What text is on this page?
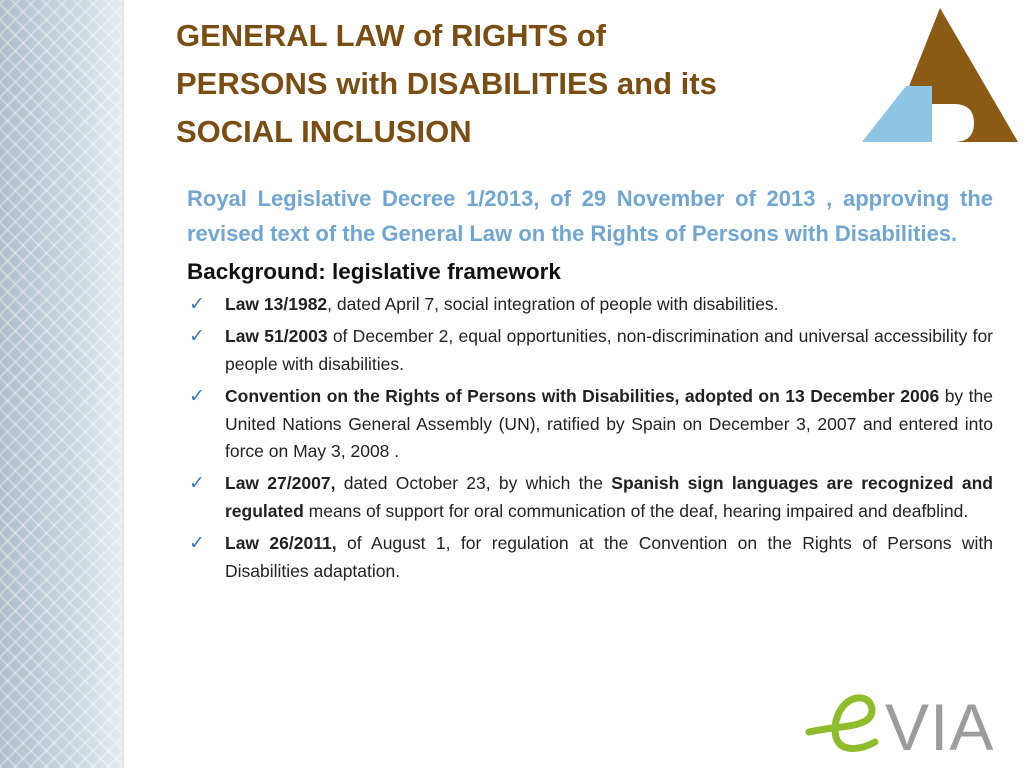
GENERAL LAW of RIGHTS of
PERSONS with DISABILITIES and its
SOCIAL INCLUSION

Royal Legislative Decree 1/2013, of 29 November of 2013 , approving the revised text of the General Law on the Rights of Persons with Disabilities.

Background: legislative framework
✓ Law 13/1982, dated April 7, social integration of people with disabilities.
✓ Law 51/2003 of December 2, equal opportunities, non-discrimination and universal accessibility for people with disabilities.
✓ Convention on the Rights of Persons with Disabilities, adopted on 13 December 2006 by the United Nations General Assembly (UN), ratified by Spain on December 3, 2007 and entered into force on May 3, 2008 .
✓ Law 27/2007, dated October 23, by which the Spanish sign languages are recognized and regulated means of support for oral communication of the deaf, hearing impaired and deafblind.
✓ Law 26/2011, of August 1, for regulation at the Convention on the Rights of Persons with Disabilities adaptation.
VIA
